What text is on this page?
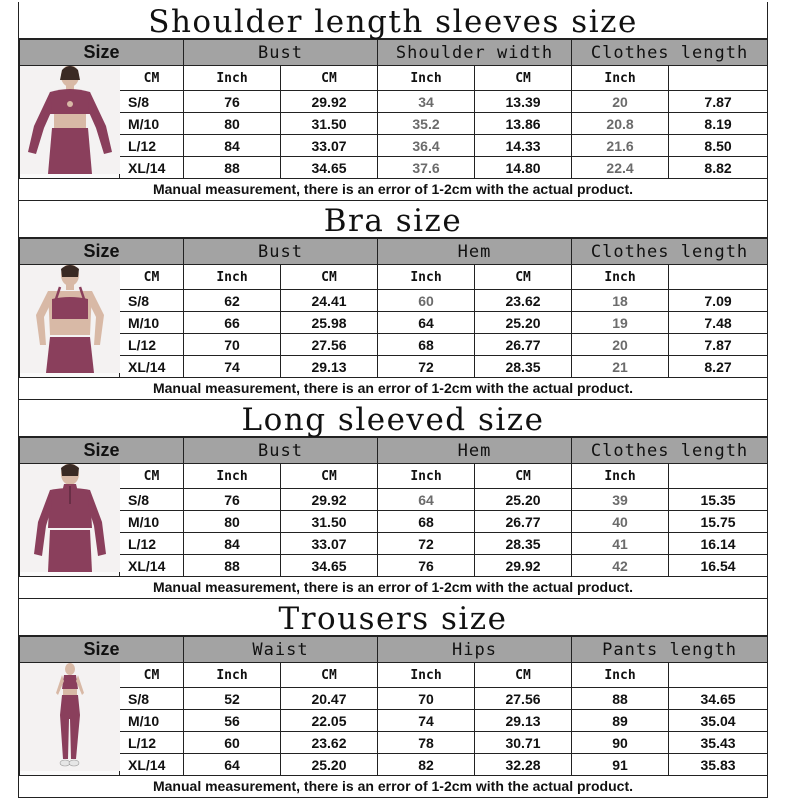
Shoulder length sleeves size
Size		Bust		Shoulder width		Clothes length	

	CM	Inch	CM	Inch	CM	Inch	
	S/8	76	29.92	34	13.39	20	7.87
	M/10	80	31.50	35.2	13.86	20.8	8.19
	L/12	84	33.07	36.4	14.33	21.6	8.50
	XL/14	88	34.65	37.6	14.80	22.4	8.82
Manual measurement, there is an error of 1-2cm with the actual product.
Bra size
Size		Bust		Hem		Clothes length	

	CM	Inch	CM	Inch	CM	Inch	
	S/8	62	24.41	60	23.62	18	7.09
	M/10	66	25.98	64	25.20	19	7.48
	L/12	70	27.56	68	26.77	20	7.87
	XL/14	74	29.13	72	28.35	21	8.27
Manual measurement, there is an error of 1-2cm with the actual product.
Long sleeved size
Size		Bust		Hem		Clothes length	

	CM	Inch	CM	Inch	CM	Inch	
	S/8	76	29.92	64	25.20	39	15.35
	M/10	80	31.50	68	26.77	40	15.75
	L/12	84	33.07	72	28.35	41	16.14
	XL/14	88	34.65	76	29.92	42	16.54
Manual measurement, there is an error of 1-2cm with the actual product.
Trousers size
Size		Waist		Hips		Pants length	

	CM	Inch	CM	Inch	CM	Inch	
	S/8	52	20.47	70	27.56	88	34.65
	M/10	56	22.05	74	29.13	89	35.04
	L/12	60	23.62	78	30.71	90	35.43
	XL/14	64	25.20	82	32.28	91	35.83
Manual measurement, there is an error of 1-2cm with the actual product.
